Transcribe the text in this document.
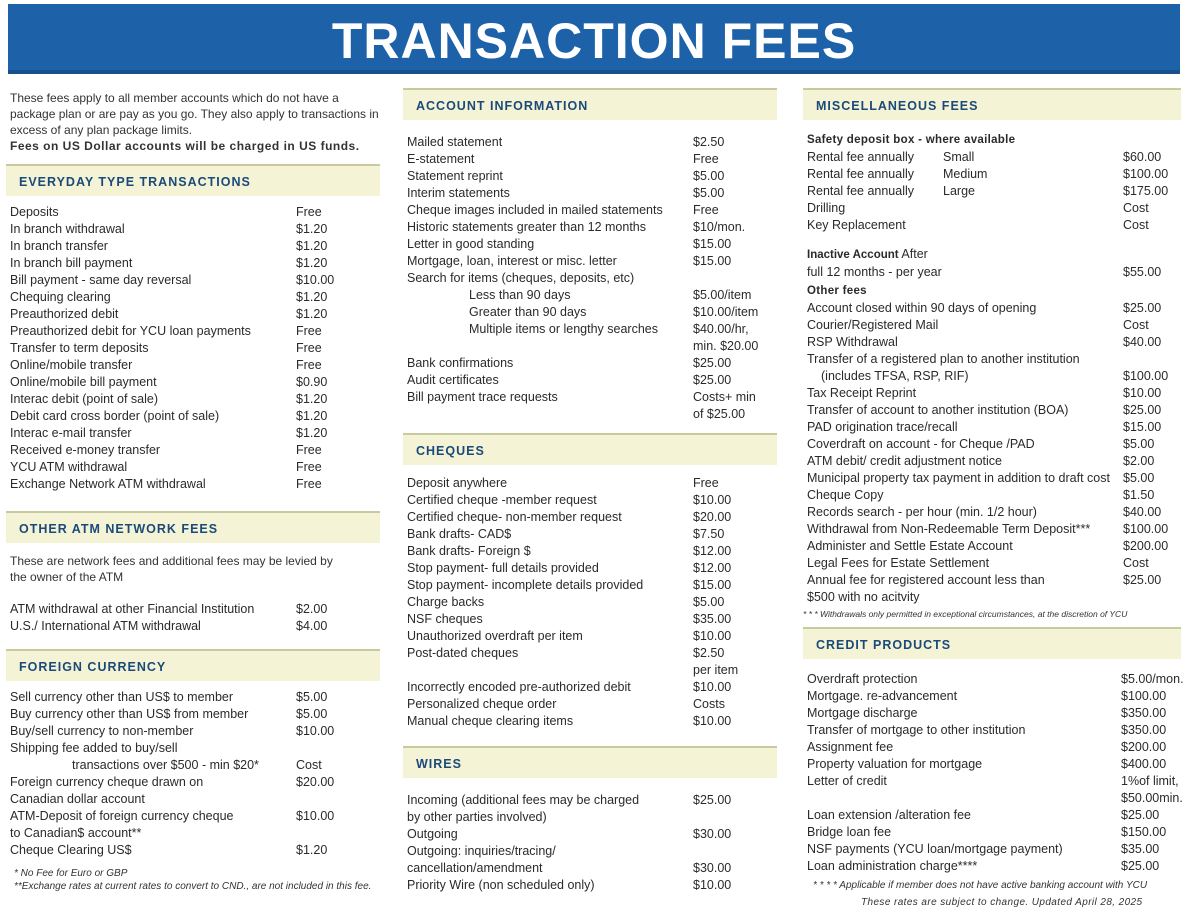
TRANSACTION FEES
These fees apply to all member accounts which do not have a package plan or are pay as you go. They also apply to transactions in excess of any plan package limits.
Fees on US Dollar accounts will be charged in US funds.
EVERYDAY TYPE TRANSACTIONS
Deposits	Free
In branch withdrawal	$1.20
In branch transfer	$1.20
In branch bill payment	$1.20
Bill payment - same day reversal	$10.00
Chequing clearing	$1.20
Preauthorized debit	$1.20
Preauthorized debit for YCU loan payments	Free
Transfer to term deposits	Free
Online/mobile transfer	Free
Online/mobile bill payment	$0.90
Interac debit (point of sale)	$1.20
Debit card cross border (point of sale)	$1.20
Interac e-mail transfer	$1.20
Received e-money transfer	Free
YCU ATM withdrawal	Free
Exchange Network ATM withdrawal	Free
OTHER ATM NETWORK FEES
These are network fees and additional fees may be levied by the owner of the ATM
ATM withdrawal at other Financial Institution	$2.00
U.S./ International ATM withdrawal	$4.00
FOREIGN CURRENCY
Sell currency other than US$ to member	$5.00
Buy currency other than US$ from member	$5.00
Buy/sell currency to non-member	$10.00
Shipping fee added to buy/sell
transactions over $500 - min $20*	Cost
Foreign currency cheque drawn on	$20.00
Canadian dollar account
ATM-Deposit of foreign currency cheque	$10.00
to Canadian$ account**
Cheque Clearing US$	$1.20
* No Fee for Euro or GBP
**Exchange rates at current rates to convert to CND., are not included in this fee.
ACCOUNT INFORMATION
Mailed statement	$2.50
E-statement	Free
Statement reprint	$5.00
Interim statements	$5.00
Cheque images included in mailed statements	Free
Historic statements greater than 12 months	$10/mon.
Letter in good standing	$15.00
Mortgage, loan, interest or misc. letter	$15.00
Search for items (cheques, deposits, etc)
Less than 90 days	$5.00/item
Greater than 90 days	$10.00/item
Multiple items or lengthy searches	$40.00/hr,
min. $20.00
Bank confirmations	$25.00
Audit certificates	$25.00
Bill payment trace requests	Costs+ min
of $25.00
CHEQUES
Deposit anywhere	Free
Certified cheque -member request	$10.00
Certified cheque- non-member request	$20.00
Bank drafts- CAD$	$7.50
Bank drafts- Foreign $	$12.00
Stop payment- full details provided	$12.00
Stop payment- incomplete details provided	$15.00
Charge backs	$5.00
NSF cheques	$35.00
Unauthorized overdraft per item	$10.00
Post-dated cheques	$2.50
per item
Incorrectly encoded pre-authorized debit	$10.00
Personalized cheque order	Costs
Manual cheque clearing items	$10.00
WIRES
Incoming (additional fees may be charged	$25.00
by other parties involved)
Outgoing	$30.00
Outgoing: inquiries/tracing/
cancellation/amendment	$30.00
Priority Wire (non scheduled only)	$10.00
MISCELLANEOUS FEES
Safety deposit box - where available
Rental fee annually	Small	$60.00
Rental fee annually	Medium	$100.00
Rental fee annually	Large	$175.00
Drilling	Cost
Key Replacement	Cost
Inactive Account After
full 12 months - per year	$55.00
Other fees
Account closed within 90 days of opening	$25.00
Courier/Registered Mail	Cost
RSP Withdrawal	$40.00
Transfer of a registered plan to another institution
(includes TFSA, RSP, RIF)	$100.00
Tax Receipt Reprint	$10.00
Transfer of account to another institution (BOA)	$25.00
PAD origination trace/recall	$15.00
Coverdraft on account - for Cheque /PAD	$5.00
ATM debit/ credit adjustment notice	$2.00
Municipal property tax payment in addition to draft cost	$5.00
Cheque Copy	$1.50
Records search - per hour (min. 1/2 hour)	$40.00
Withdrawal from Non-Redeemable Term Deposit***	$100.00
Administer and Settle Estate Account	$200.00
Legal Fees for Estate Settlement	Cost
Annual fee for registered account less than	$25.00
$500 with no acitvity
* * * Withdrawals only permitted in exceptional circumstances, at the discretion of YCU
CREDIT PRODUCTS
Overdraft protection	$5.00/mon.
Mortgage. re-advancement	$100.00
Mortgage discharge	$350.00
Transfer of mortgage to other institution	$350.00
Assignment fee	$200.00
Property valuation for mortgage	$400.00
Letter of credit	1%of limit,
$50.00min.
Loan extension /alteration fee	$25.00
Bridge loan fee	$150.00
NSF payments (YCU loan/mortgage payment)	$35.00
Loan administration charge****	$25.00
* * * * Applicable if member does not have active banking account with YCU
These rates are subject to change. Updated April 28, 2025
